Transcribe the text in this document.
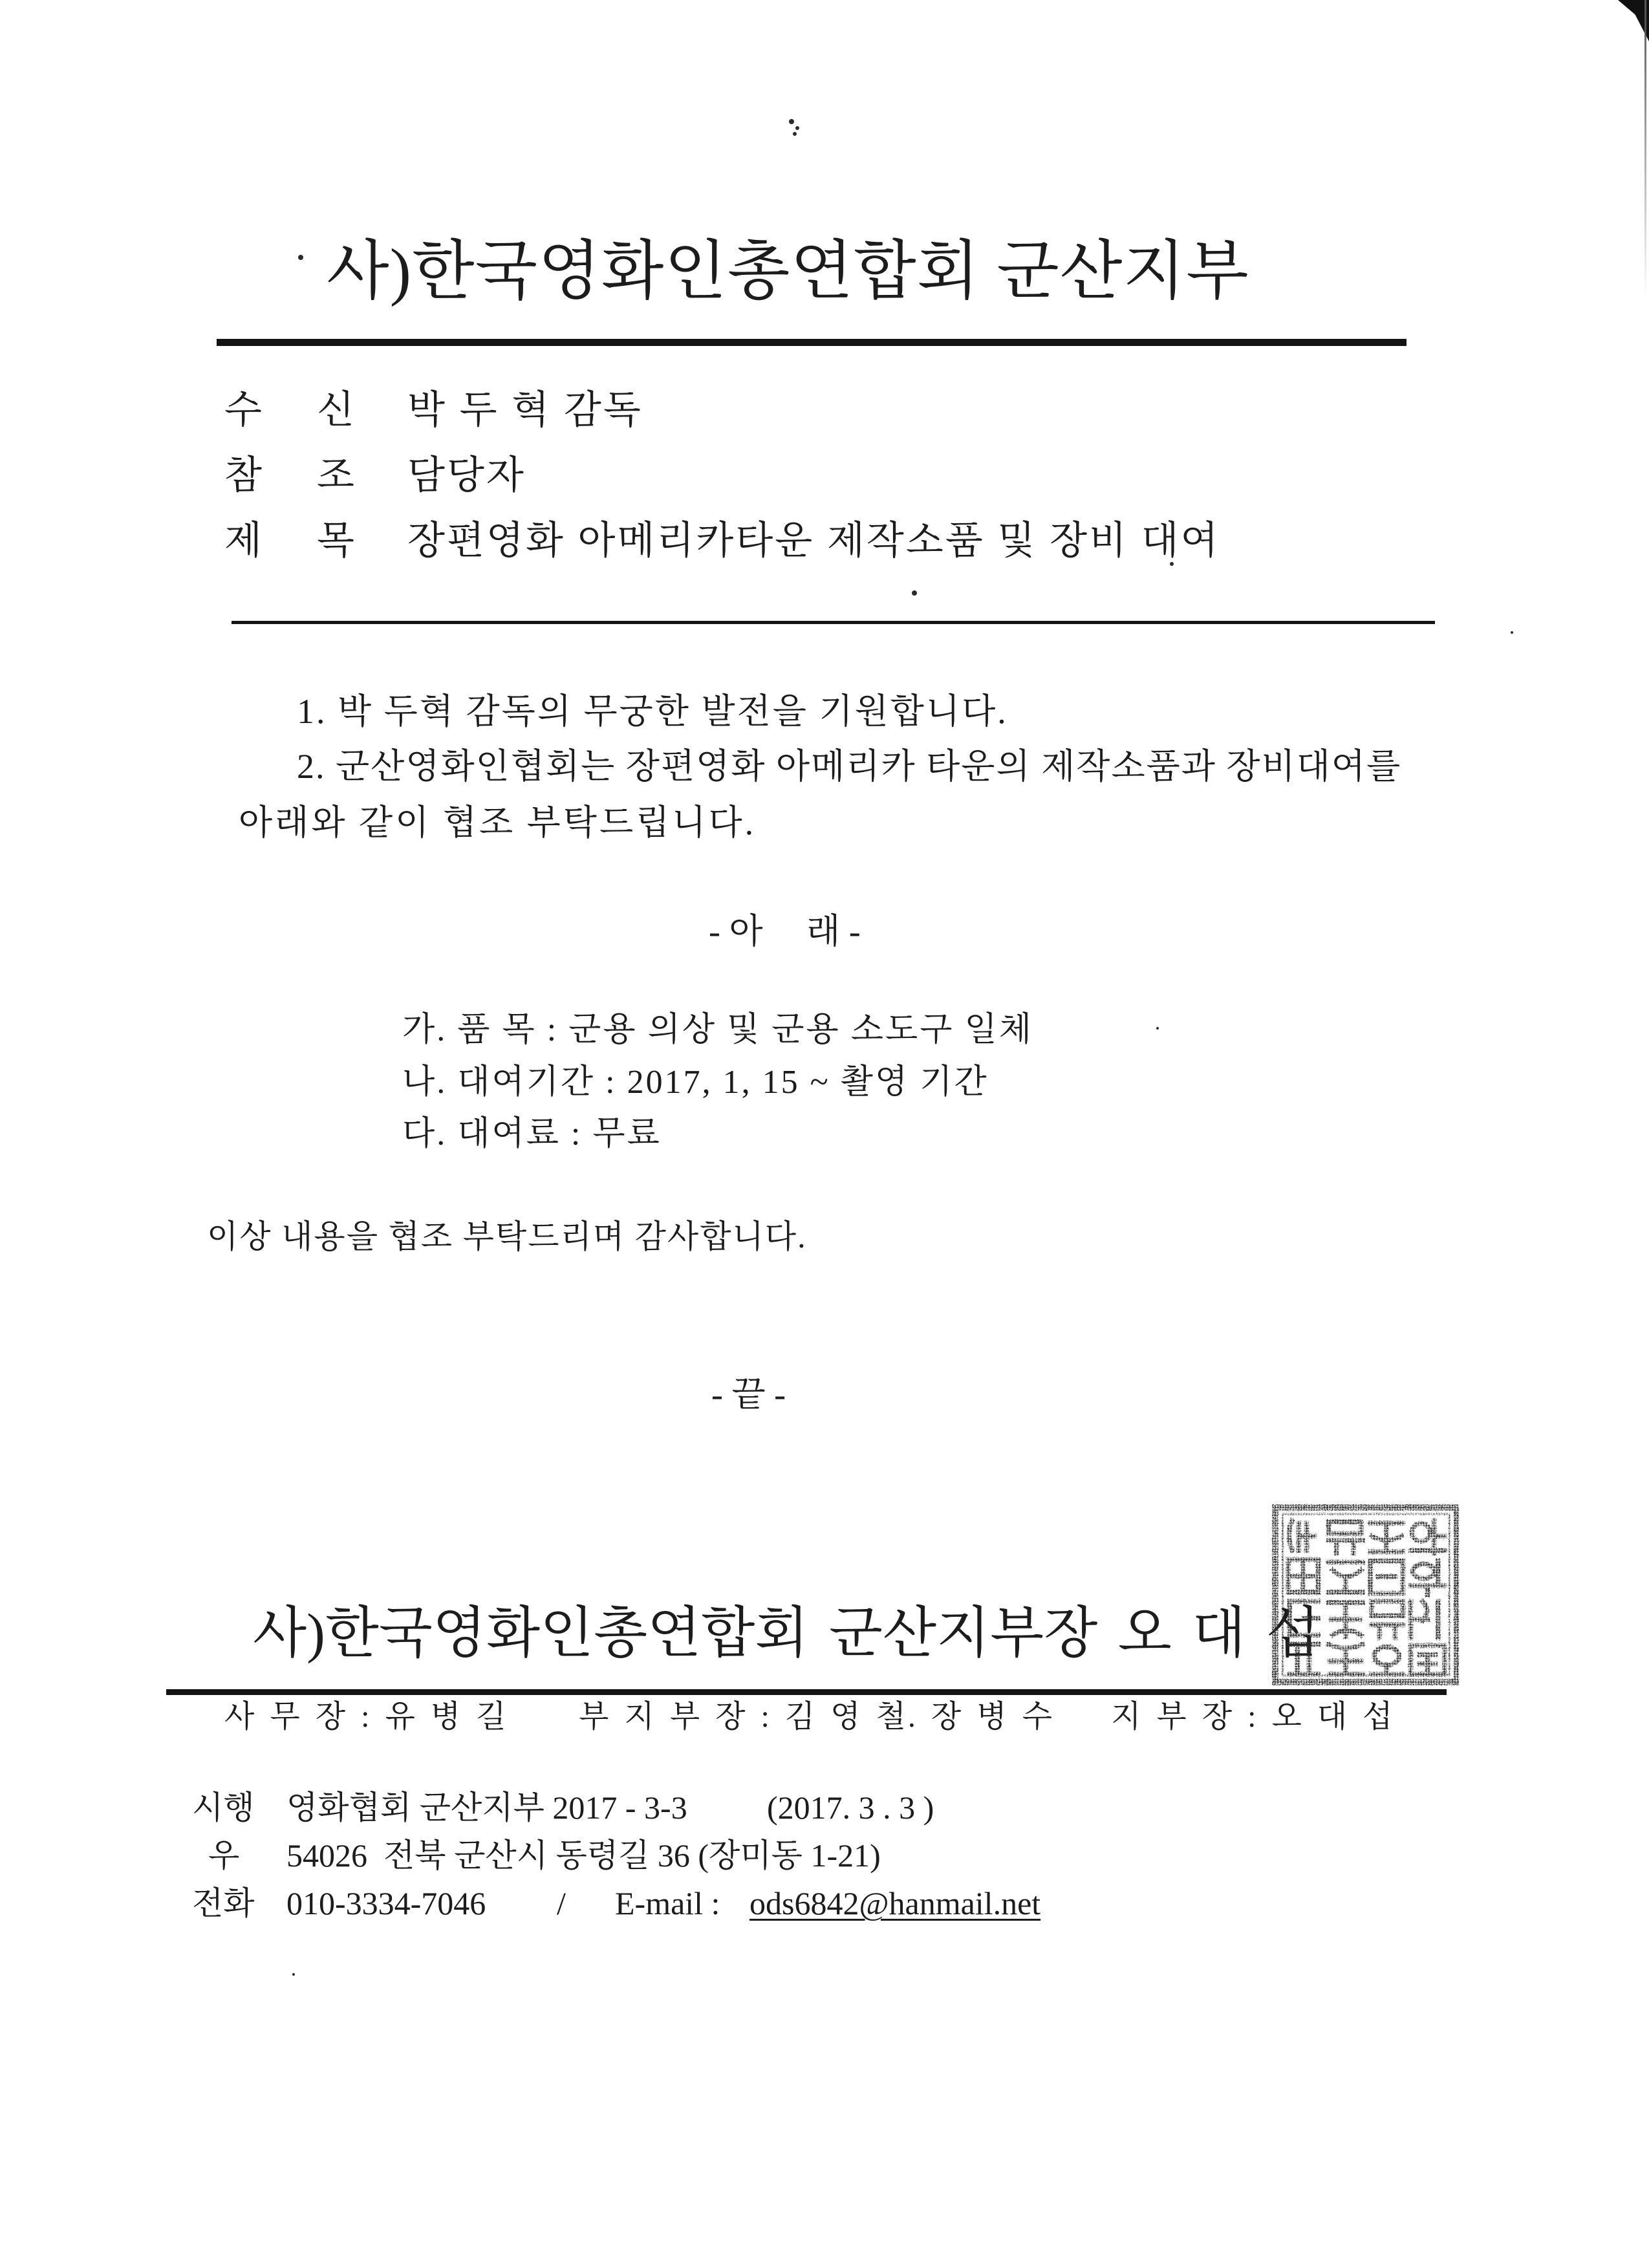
사)한국영화인총연합회 군산지부
수 신 박 두 혁 감독
참 조 담당자
제 목 장편영화 아메리카타운 제작소품 및 장비 대여
1. 박 두혁 감독의 무궁한 발전을 기원합니다.
2. 군산영화인협회는 장편영화 아메리카 타운의 제작소품과 장비대여를
아래와 같이 협조 부탁드립니다.
- 아     래 -
가. 품 목 : 군용 의상 및 군용 소도구 일체
나. 대여기간 : 2017, 1, 15 ~ 촬영 기간
다. 대여료 : 무료
이상 내용을 협조 부탁드리며 감사합니다.
- 끝 -
사)한국영화인총연합회 군산지부장 오 대 섭
사 무 장 : 유 병 길 부 지 부 장 : 김 영 철. 장 병 수 지 부 장 : 오 대 섭
시행 영화협회 군산지부 2017 - 3-3 (2017. 3 . 3 )
우 54026  전북 군산시 동령길 36 (장미동 1-21)
전화 010-3334-7046 / E-mail : ods6842@hanmail.net
